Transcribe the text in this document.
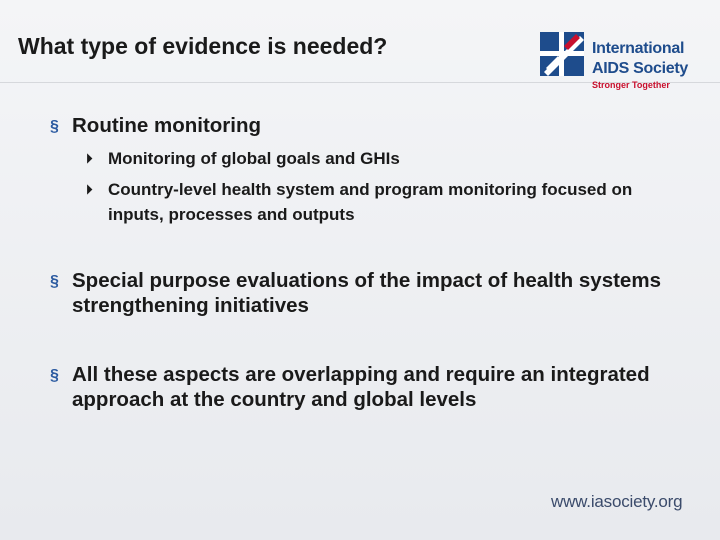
What type of evidence is needed?	International
AIDS Society
Stronger Together
§ Routine monitoring
⏵ Monitoring of global goals and GHIs
⏵ Country-level health system and program monitoring focused on inputs, processes and outputs
§ Special purpose evaluations of the impact of health systems strengthening initiatives
§ All these aspects are overlapping and require an integrated approach at the country and global levels
www.iasociety.org
